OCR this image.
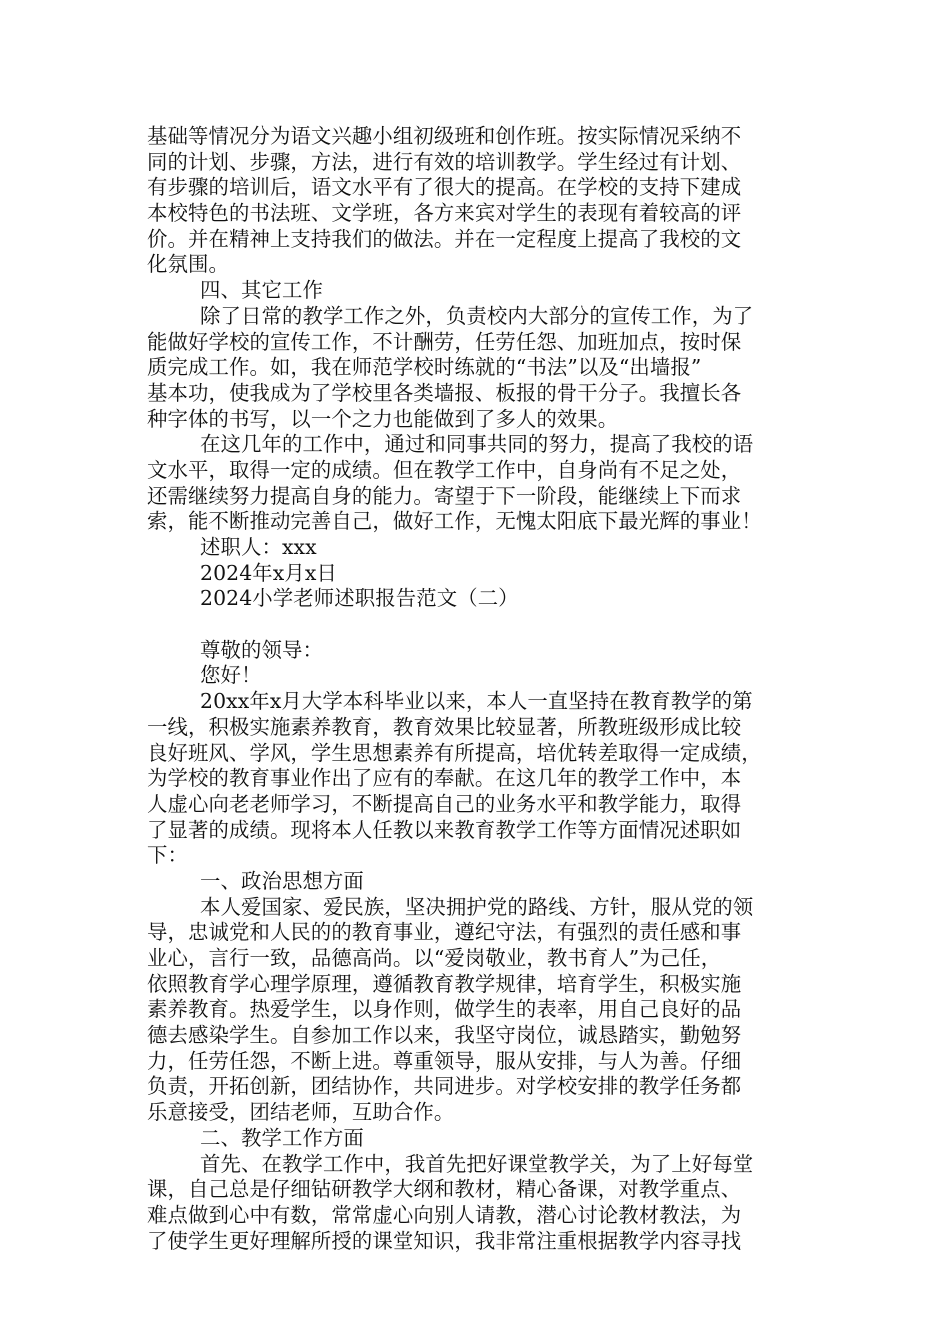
基础等情况分为语文兴趣小组初级班和创作班。按实际情况采纳不
同的计划、步骤，方法，进行有效的培训教学。学生经过有计划、
有步骤的培训后，语文水平有了很大的提高。在学校的支持下建成
本校特色的书法班、文学班，各方来宾对学生的表现有着较高的评
价。并在精神上支持我们的做法。并在一定程度上提高了我校的文
化氛围。
四、其它工作
除了日常的教学工作之外，负责校内大部分的宣传工作，为了
能做好学校的宣传工作，不计酬劳，任劳任怨、加班加点，按时保
质完成工作。如，我在师范学校时练就的“书法”以及“出墙报”
基本功，使我成为了学校里各类墙报、板报的骨干分子。我擅长各
种字体的书写，以一个之力也能做到了多人的效果。
在这几年的工作中，通过和同事共同的努力，提高了我校的语
文水平，取得一定的成绩。但在教学工作中，自身尚有不足之处，
还需继续努力提高自身的能力。寄望于下一阶段，能继续上下而求
索，能不断推动完善自己，做好工作，无愧太阳底下最光辉的事业！
述职人：xxx
2024年x月x日
2024小学老师述职报告范文（二）
尊敬的领导：
您好！
20xx年x月大学本科毕业以来，本人一直坚持在教育教学的第
一线，积极实施素养教育，教育效果比较显著，所教班级形成比较
良好班风、学风，学生思想素养有所提高，培优转差取得一定成绩，
为学校的教育事业作出了应有的奉献。在这几年的教学工作中，本
人虚心向老老师学习，不断提高自己的业务水平和教学能力，取得
了显著的成绩。现将本人任教以来教育教学工作等方面情况述职如
下：
一、政治思想方面
本人爱国家、爱民族，坚决拥护党的路线、方针，服从党的领
导，忠诚党和人民的的教育事业，遵纪守法，有强烈的责任感和事
业心，言行一致，品德高尚。以“爱岗敬业，教书育人”为己任，
依照教育学心理学原理，遵循教育教学规律，培育学生，积极实施
素养教育。热爱学生，以身作则，做学生的表率，用自己良好的品
德去感染学生。自参加工作以来，我坚守岗位，诚恳踏实，勤勉努
力，任劳任怨，不断上进。尊重领导，服从安排，与人为善。仔细
负责，开拓创新，团结协作，共同进步。对学校安排的教学任务都
乐意接受，团结老师，互助合作。
二、教学工作方面
首先、在教学工作中，我首先把好课堂教学关，为了上好每堂
课，自己总是仔细钻研教学大纲和教材，精心备课，对教学重点、
难点做到心中有数，常常虚心向别人请教，潜心讨论教材教法，为
了使学生更好理解所授的课堂知识，我非常注重根据教学内容寻找
